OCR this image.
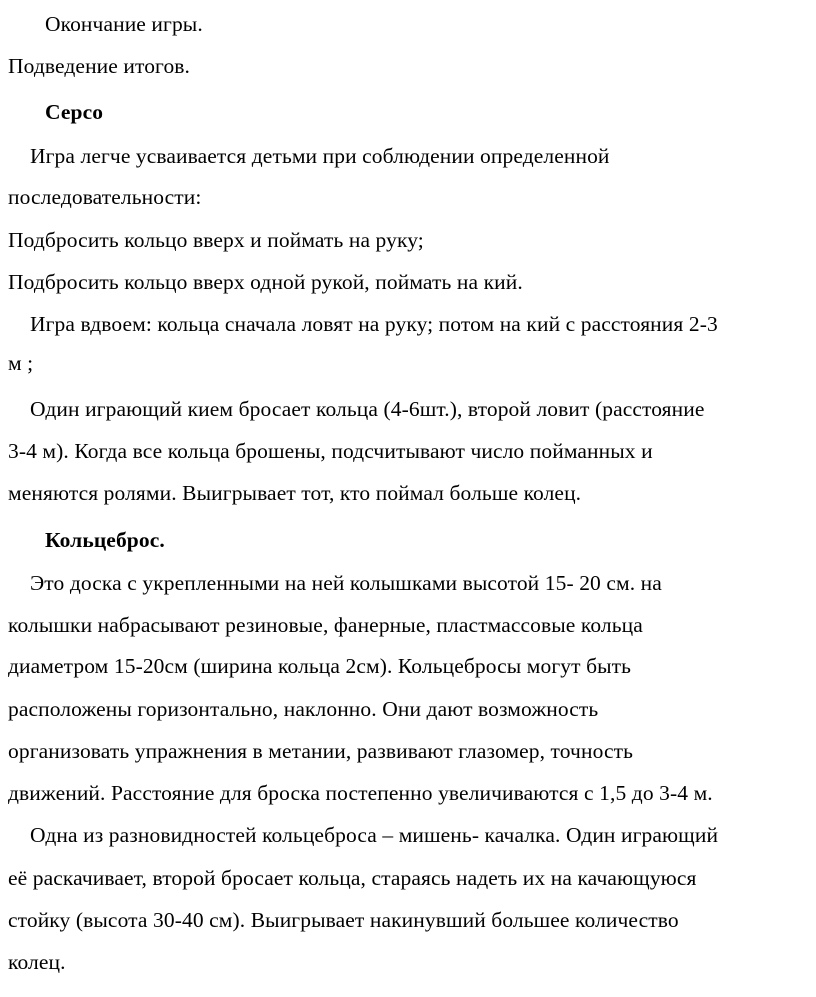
Окончание игры.
Подведение итогов.
Серсо
Игра легче усваивается детьми при соблюдении определенной
последовательности:
Подбросить кольцо вверх и поймать на руку;
Подбросить кольцо вверх одной рукой, поймать на кий.
Игра вдвоем: кольца сначала ловят на руку; потом на кий с расстояния 2-3
м ;
Один играющий кием бросает кольца (4-6шт.), второй ловит (расстояние
3-4 м). Когда все кольца брошены, подсчитывают число пойманных и
меняются ролями. Выигрывает тот, кто поймал больше колец.
Кольцеброс.
Это доска с укрепленными на ней колышками высотой 15- 20 см. на
колышки набрасывают резиновые, фанерные, пластмассовые кольца
диаметром 15-20см (ширина кольца 2см). Кольцебросы могут быть
расположены горизонтально, наклонно. Они дают возможность
организовать упражнения в метании, развивают глазомер, точность
движений. Расстояние для броска постепенно увеличиваются с 1,5 до 3-4 м.
Одна из разновидностей кольцеброса – мишень- качалка. Один играющий
её раскачивает, второй бросает кольца, стараясь надеть их на качающуюся
стойку (высота 30-40 см). Выигрывает накинувший большее количество
колец.
